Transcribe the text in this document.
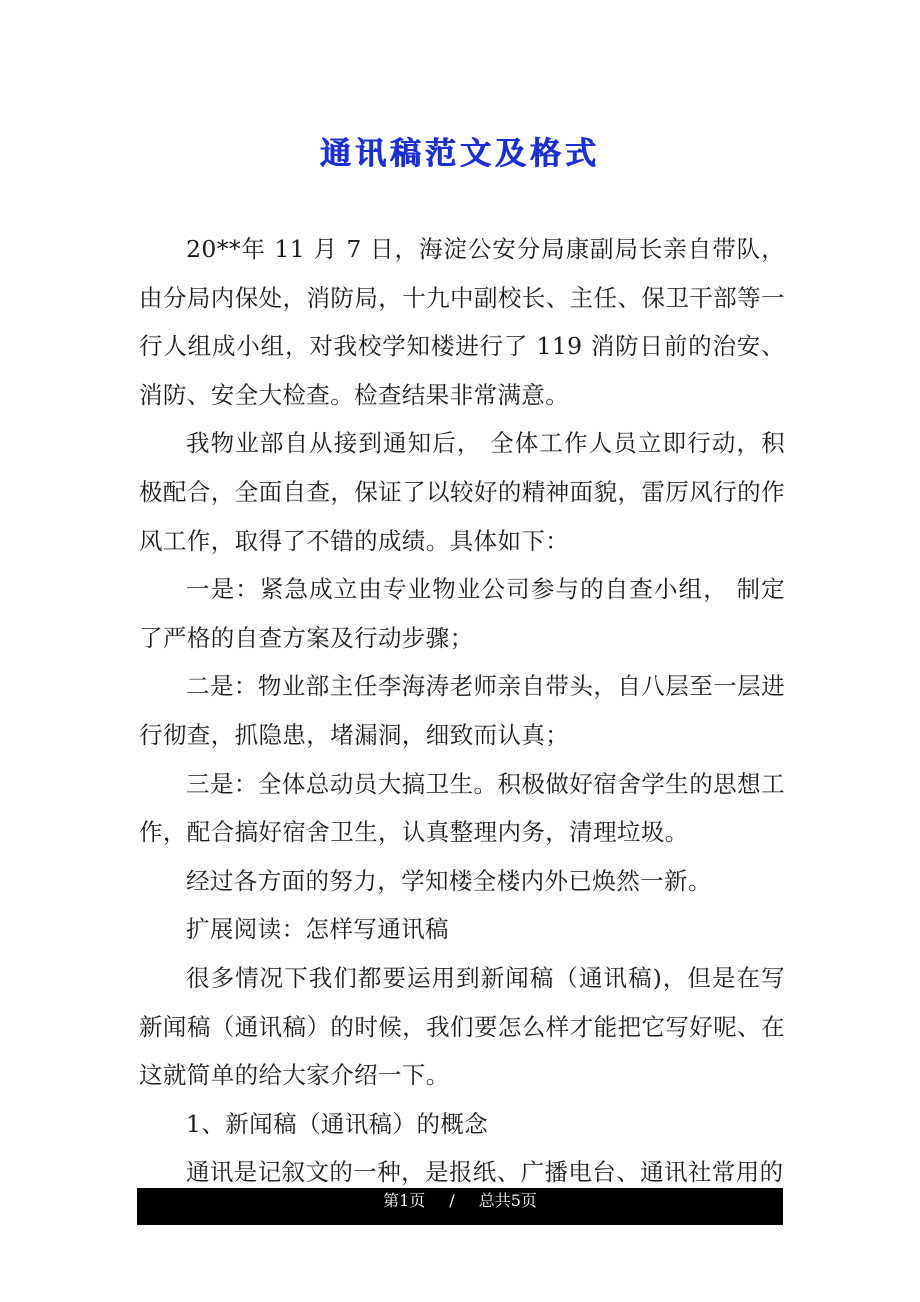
通讯稿范文及格式

20**年 11 月 7 日，海淀公安分局康副局长亲自带队，由分局内保处，消防局，十九中副校长、主任、保卫干部等一行人组成小组，对我校学知楼进行了 119 消防日前的治安、消防、安全大检查。检查结果非常满意。

我物业部自从接到通知后， 全体工作人员立即行动，积极配合，全面自查，保证了以较好的精神面貌，雷厉风行的作风工作，取得了不错的成绩。具体如下：

一是：紧急成立由专业物业公司参与的自查小组， 制定了严格的自查方案及行动步骤；

二是：物业部主任李海涛老师亲自带头，自八层至一层进行彻查，抓隐患，堵漏洞，细致而认真；

三是：全体总动员大搞卫生。积极做好宿舍学生的思想工作，配合搞好宿舍卫生，认真整理内务，清理垃圾。

经过各方面的努力，学知楼全楼内外已焕然一新。

扩展阅读：怎样写通讯稿

很多情况下我们都要运用到新闻稿（通讯稿)，但是在写新闻稿（通讯稿）的时候，我们要怎么样才能把它写好呢、在这就简单的给大家介绍一下。

1、新闻稿（通讯稿）的概念

通讯是记叙文的一种，是报纸、广播电台、通讯社常用的

第1页 / 总共5页
